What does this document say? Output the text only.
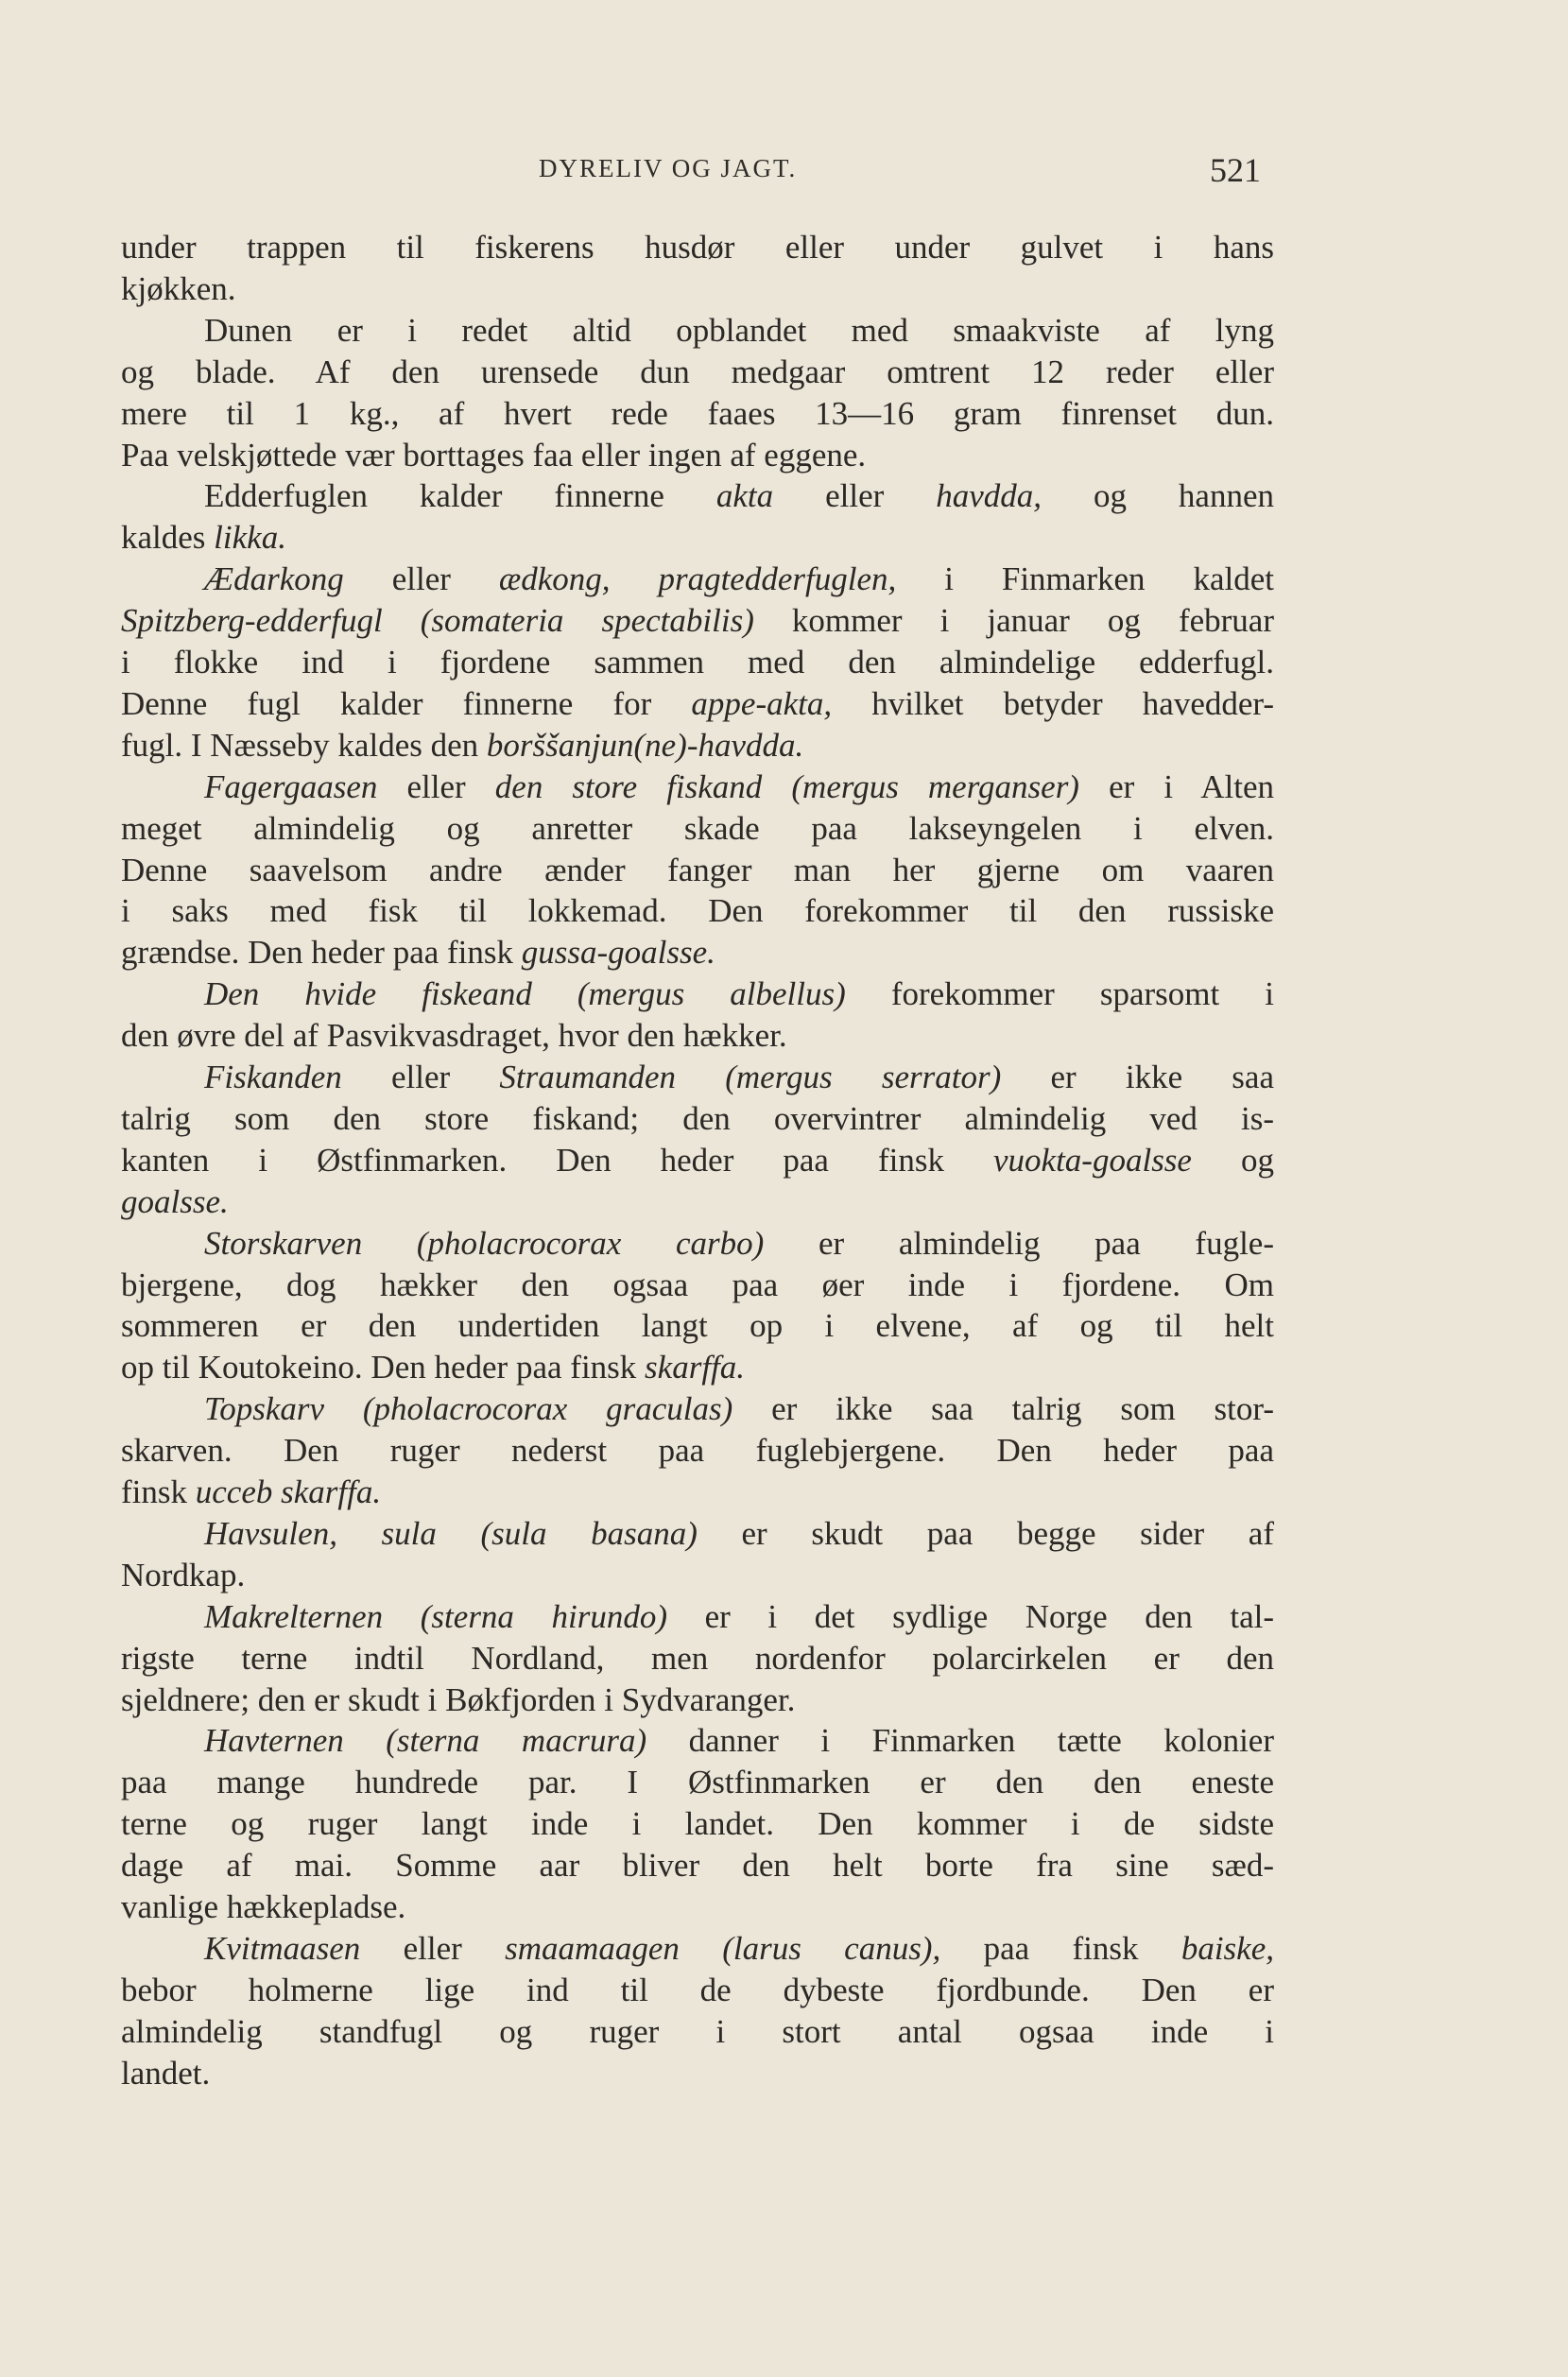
DYRELIV OG JAGT.	521
under trappen til fiskerens husdør eller under gulvet i hans
kjøkken.
Dunen er i redet altid opblandet med smaakviste af lyng
og blade. Af den urensede dun medgaar omtrent 12 reder eller
mere til 1 kg., af hvert rede faaes 13—16 gram finrenset dun.
Paa velskjøttede vær borttages faa eller ingen af eggene.
Edderfuglen kalder finnerne akta eller havdda, og hannen
kaldes likka.
Ædarkong eller ædkong, pragtedderfuglen, i Finmarken kaldet
Spitzberg-edderfugl (somateria spectabilis) kommer i januar og februar
i flokke ind i fjordene sammen med den almindelige edderfugl.
Denne fugl kalder finnerne for appe-akta, hvilket betyder havedder-
fugl. I Næsseby kaldes den borššanjun(ne)-havdda.
Fagergaasen eller den store fiskand (mergus merganser) er i Alten
meget almindelig og anretter skade paa lakseyngelen i elven.
Denne saavelsom andre ænder fanger man her gjerne om vaaren
i saks med fisk til lokkemad. Den forekommer til den russiske
grændse. Den heder paa finsk gussa-goalsse.
Den hvide fiskeand (mergus albellus) forekommer sparsomt i
den øvre del af Pasvikvasdraget, hvor den hækker.
Fiskanden eller Straumanden (mergus serrator) er ikke saa
talrig som den store fiskand; den overvintrer almindelig ved is-
kanten i Østfinmarken. Den heder paa finsk vuokta-goalsse og
goalsse.
Storskarven (pholacrocorax carbo) er almindelig paa fugle-
bjergene, dog hækker den ogsaa paa øer inde i fjordene. Om
sommeren er den undertiden langt op i elvene, af og til helt
op til Koutokeino. Den heder paa finsk skarffa.
Topskarv (pholacrocorax graculas) er ikke saa talrig som stor-
skarven. Den ruger nederst paa fuglebjergene. Den heder paa
finsk ucceb skarffa.
Havsulen, sula (sula basana) er skudt paa begge sider af
Nordkap.
Makrelternen (sterna hirundo) er i det sydlige Norge den tal-
rigste terne indtil Nordland, men nordenfor polarcirkelen er den
sjeldnere; den er skudt i Bøkfjorden i Sydvaranger.
Havternen (sterna macrura) danner i Finmarken tætte kolonier
paa mange hundrede par. I Østfinmarken er den den eneste
terne og ruger langt inde i landet. Den kommer i de sidste
dage af mai. Somme aar bliver den helt borte fra sine sæd-
vanlige hækkepladse.
Kvitmaasen eller smaamaagen (larus canus), paa finsk baiske,
bebor holmerne lige ind til de dybeste fjordbunde. Den er
almindelig standfugl og ruger i stort antal ogsaa inde i
landet.
